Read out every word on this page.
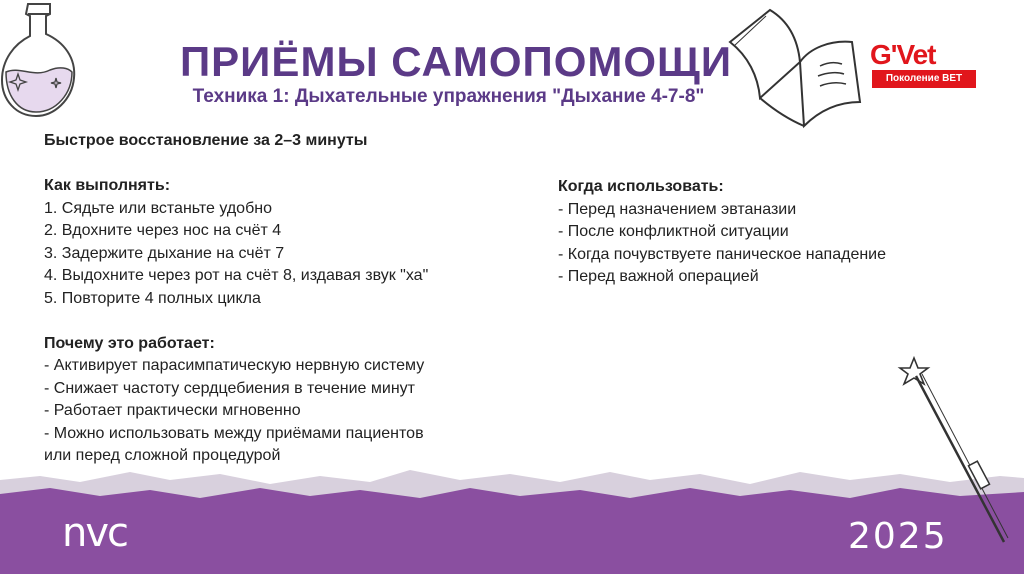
ПРИЁМЫ САМОПОМОЩИ
Техника 1: Дыхательные упражнения "Дыхание 4-7-8"
G'Vet
Поколение ВЕТ
Быстрое восстановление за 2–3 минуты
Как выполнять:
1. Сядьте или встаньте удобно
2. Вдохните через нос на счёт 4
3. Задержите дыхание на счёт 7
4. Выдохните через рот на счёт 8, издавая звук "ха"
5. Повторите 4 полных цикла
Почему это работает:
- Активирует парасимпатическую нервную систему
- Снижает частоту сердцебиения в течение минут
- Работает практически мгновенно
- Можно использовать между приёмами пациентов
или перед сложной процедурой
Когда использовать:
- Перед назначением эвтаназии
- После конфликтной ситуации
- Когда почувствуете паническое нападение
- Перед важной операцией
nvc	2025
